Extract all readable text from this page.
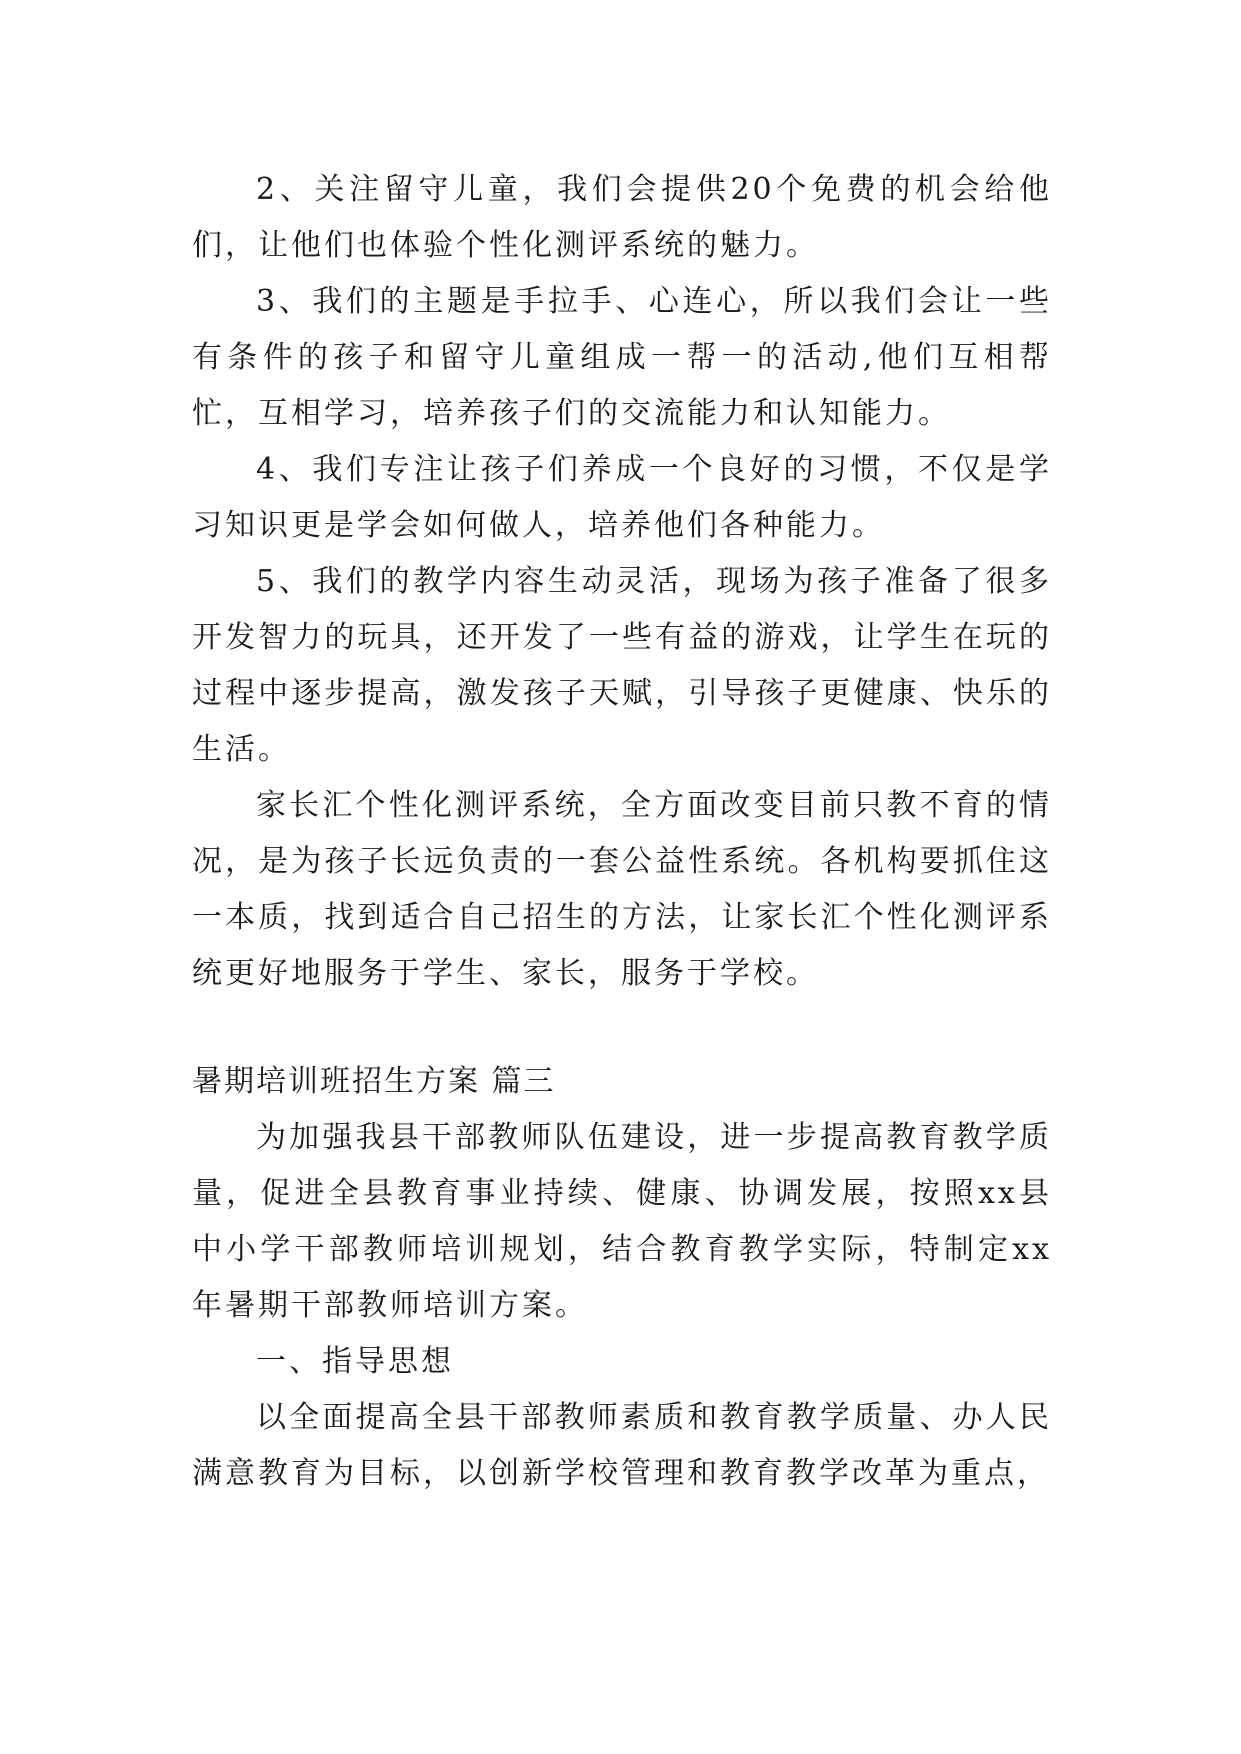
2、关注留守儿童，我们会提供20个免费的机会给他们，让他们也体验个性化测评系统的魅力。

3、我们的主题是手拉手、心连心，所以我们会让一些有条件的孩子和留守儿童组成一帮一的活动,他们互相帮忙，互相学习，培养孩子们的交流能力和认知能力。

4、我们专注让孩子们养成一个良好的习惯，不仅是学习知识更是学会如何做人，培养他们各种能力。

5、我们的教学内容生动灵活，现场为孩子准备了很多开发智力的玩具，还开发了一些有益的游戏，让学生在玩的过程中逐步提高，激发孩子天赋，引导孩子更健康、快乐的生活。

家长汇个性化测评系统，全方面改变目前只教不育的情况，是为孩子长远负责的一套公益性系统。各机构要抓住这一本质，找到适合自己招生的方法，让家长汇个性化测评系统更好地服务于学生、家长，服务于学校。

暑期培训班招生方案 篇三

为加强我县干部教师队伍建设，进一步提高教育教学质量，促进全县教育事业持续、健康、协调发展，按照xx县中小学干部教师培训规划，结合教育教学实际，特制定xx年暑期干部教师培训方案。

一、指导思想

以全面提高全县干部教师素质和教育教学质量、办人民满意教育为目标，以创新学校管理和教育教学改革为重点，
